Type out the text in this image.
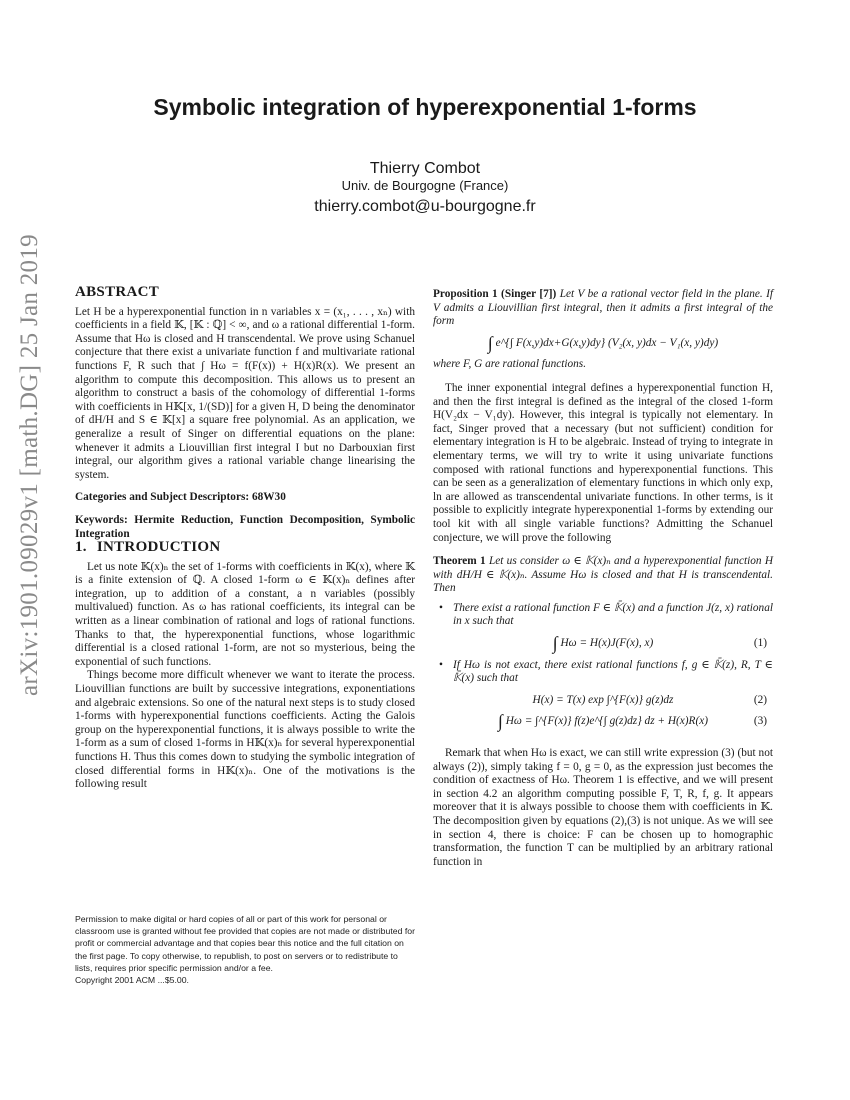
arXiv:1901.09029v1 [math.DG] 25 Jan 2019
Symbolic integration of hyperexponential 1-forms
Thierry Combot
Univ. de Bourgogne (France)
thierry.combot@u-bourgogne.fr
ABSTRACT

Let H be a hyperexponential function in n variables x = (x₁, . . . , xₙ) with coefficients in a field 𝕂, [𝕂 : ℚ] < ∞, and ω a rational differential 1-form. Assume that Hω is closed and H transcendental. We prove using Schanuel conjecture that there exist a univariate function f and multivariate rational functions F, R such that ∫ Hω = f(F(x)) + H(x)R(x). We present an algorithm to compute this decomposition. This allows us to present an algorithm to construct a basis of the cohomology of differential 1-forms with coefficients in H𝕂[x, 1/(SD)] for a given H, D being the denominator of dH/H and S ∈ 𝕂[x] a square free polynomial. As an application, we generalize a result of Singer on differential equations on the plane: whenever it admits a Liouvillian first integral I but no Darbouxian first integral, our algorithm gives a rational variable change linearising the system.

Categories and Subject Descriptors: 68W30
Keywords: Hermite Reduction, Function Decomposition, Symbolic Integration
1. INTRODUCTION

Let us note 𝕂(x)ₙ the set of 1-forms with coefficients in 𝕂(x), where 𝕂 is a finite extension of ℚ. A closed 1-form ω ∈ 𝕂(x)ₙ defines after integration, up to addition of a constant, a n variables (possibly multivalued) function. As ω has rational coefficients, its integral can be written as a linear combination of rational and logs of rational functions. Thanks to that, the hyperexponential functions, whose logarithmic differential is a closed rational 1-form, are not so mysterious, being the exponential of such functions.

Things become more difficult whenever we want to iterate the process. Liouvillian functions are built by successive integrations, exponentiations and algebraic extensions. So one of the natural next steps is to study closed 1-forms with hyperexponential functions coefficients. Acting the Galois group on the hyperexponential functions, it is always possible to write the 1-form as a sum of closed 1-forms in H𝕂(x)ₙ for several hyperexponential functions H. Thus this comes down to studying the symbolic integration of closed differential forms in H𝕂(x)ₙ. One of the motivations is the following result

Permission to make digital or hard copies of all or part of this work for personal or classroom use is granted without fee provided that copies are not made or distributed for profit or commercial advantage and that copies bear this notice and the full citation on the first page. To copy otherwise, to republish, to post on servers or to redistribute to lists, requires prior specific permission and/or a fee.
Copyright 2001 ACM ...$5.00.

Proposition 1 (Singer [7]) Let V be a rational vector field in the plane. If V admits a Liouvillian first integral, then it admits a first integral of the form

∫ e^{∫ F(x,y)dx+G(x,y)dy} (V₂(x, y)dx − V₁(x, y)dy)

where F, G are rational functions.

The inner exponential integral defines a hyperexponential function H, and then the first integral is defined as the integral of the closed 1-form H(V₂dx − V₁dy). However, this integral is typically not elementary. In fact, Singer proved that a necessary (but not sufficient) condition for elementary integration is H to be algebraic. Instead of trying to integrate in elementary terms, we will try to write it using univariate functions composed with rational functions and hyperexponential functions. This can be seen as a generalization of elementary functions in which only exp, ln are allowed as transcendental univariate functions. In other terms, is it possible to explicitly integrate hyperexponential 1-forms by extending our tool kit with all single variable functions? Admitting the Schanuel conjecture, we will prove the following

Theorem 1 Let us consider ω ∈ 𝕂(x)ₙ and a hyperexponential function H with dH/H ∈ 𝕂(x)ₙ. Assume Hω is closed and that H is transcendental. Then

• There exist a rational function F ∈ 𝕂̄(x) and a function J(z, x) rational in x such that
∫ Hω = H(x)J(F(x), x)	(1)
• If Hω is not exact, there exist rational functions f, g ∈ 𝕂̄(z), R, T ∈ 𝕂̄(x) such that
H(x) = T(x) exp ∫^{F(x)} g(z)dz	(2)
∫ Hω = ∫^{F(x)} f(z)e^{∫ g(z)dz} dz + H(x)R(x)	(3)

Remark that when Hω is exact, we can still write expression (3) (but not always (2)), simply taking f = 0, g = 0, as the expression just becomes the condition of exactness of Hω. Theorem 1 is effective, and we will present in section 4.2 an algorithm computing possible F, T, R, f, g. It appears moreover that it is always possible to choose them with coefficients in 𝕂. The decomposition given by equations (2),(3) is not unique. As we will see in section 4, there is choice: F can be chosen up to homographic transformation, the function T can be multiplied by an arbitrary rational function in
